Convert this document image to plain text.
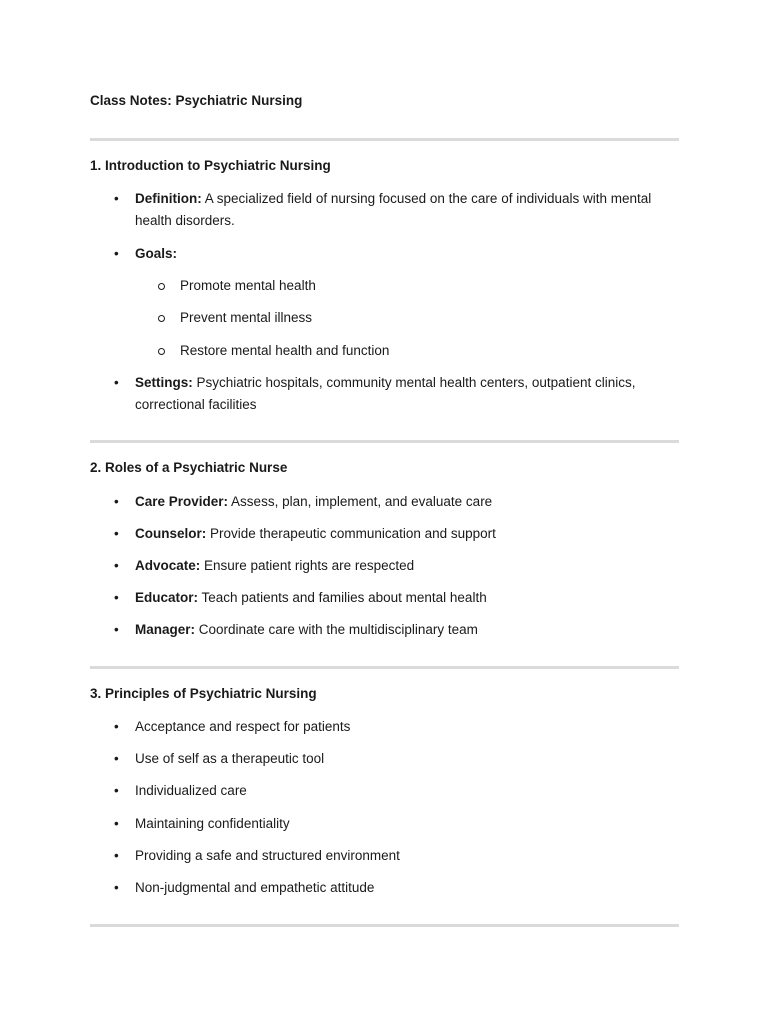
Class Notes: Psychiatric Nursing
1. Introduction to Psychiatric Nursing
•	Definition: A specialized field of nursing focused on the care of individuals with mental health disorders.
•	Goals:
Promote mental health
Prevent mental illness
Restore mental health and function
•	Settings: Psychiatric hospitals, community mental health centers, outpatient clinics, correctional facilities
2. Roles of a Psychiatric Nurse
•	Care Provider: Assess, plan, implement, and evaluate care
•	Counselor: Provide therapeutic communication and support
•	Advocate: Ensure patient rights are respected
•	Educator: Teach patients and families about mental health
•	Manager: Coordinate care with the multidisciplinary team
3. Principles of Psychiatric Nursing
•	Acceptance and respect for patients
•	Use of self as a therapeutic tool
•	Individualized care
•	Maintaining confidentiality
•	Providing a safe and structured environment
•	Non-judgmental and empathetic attitude
